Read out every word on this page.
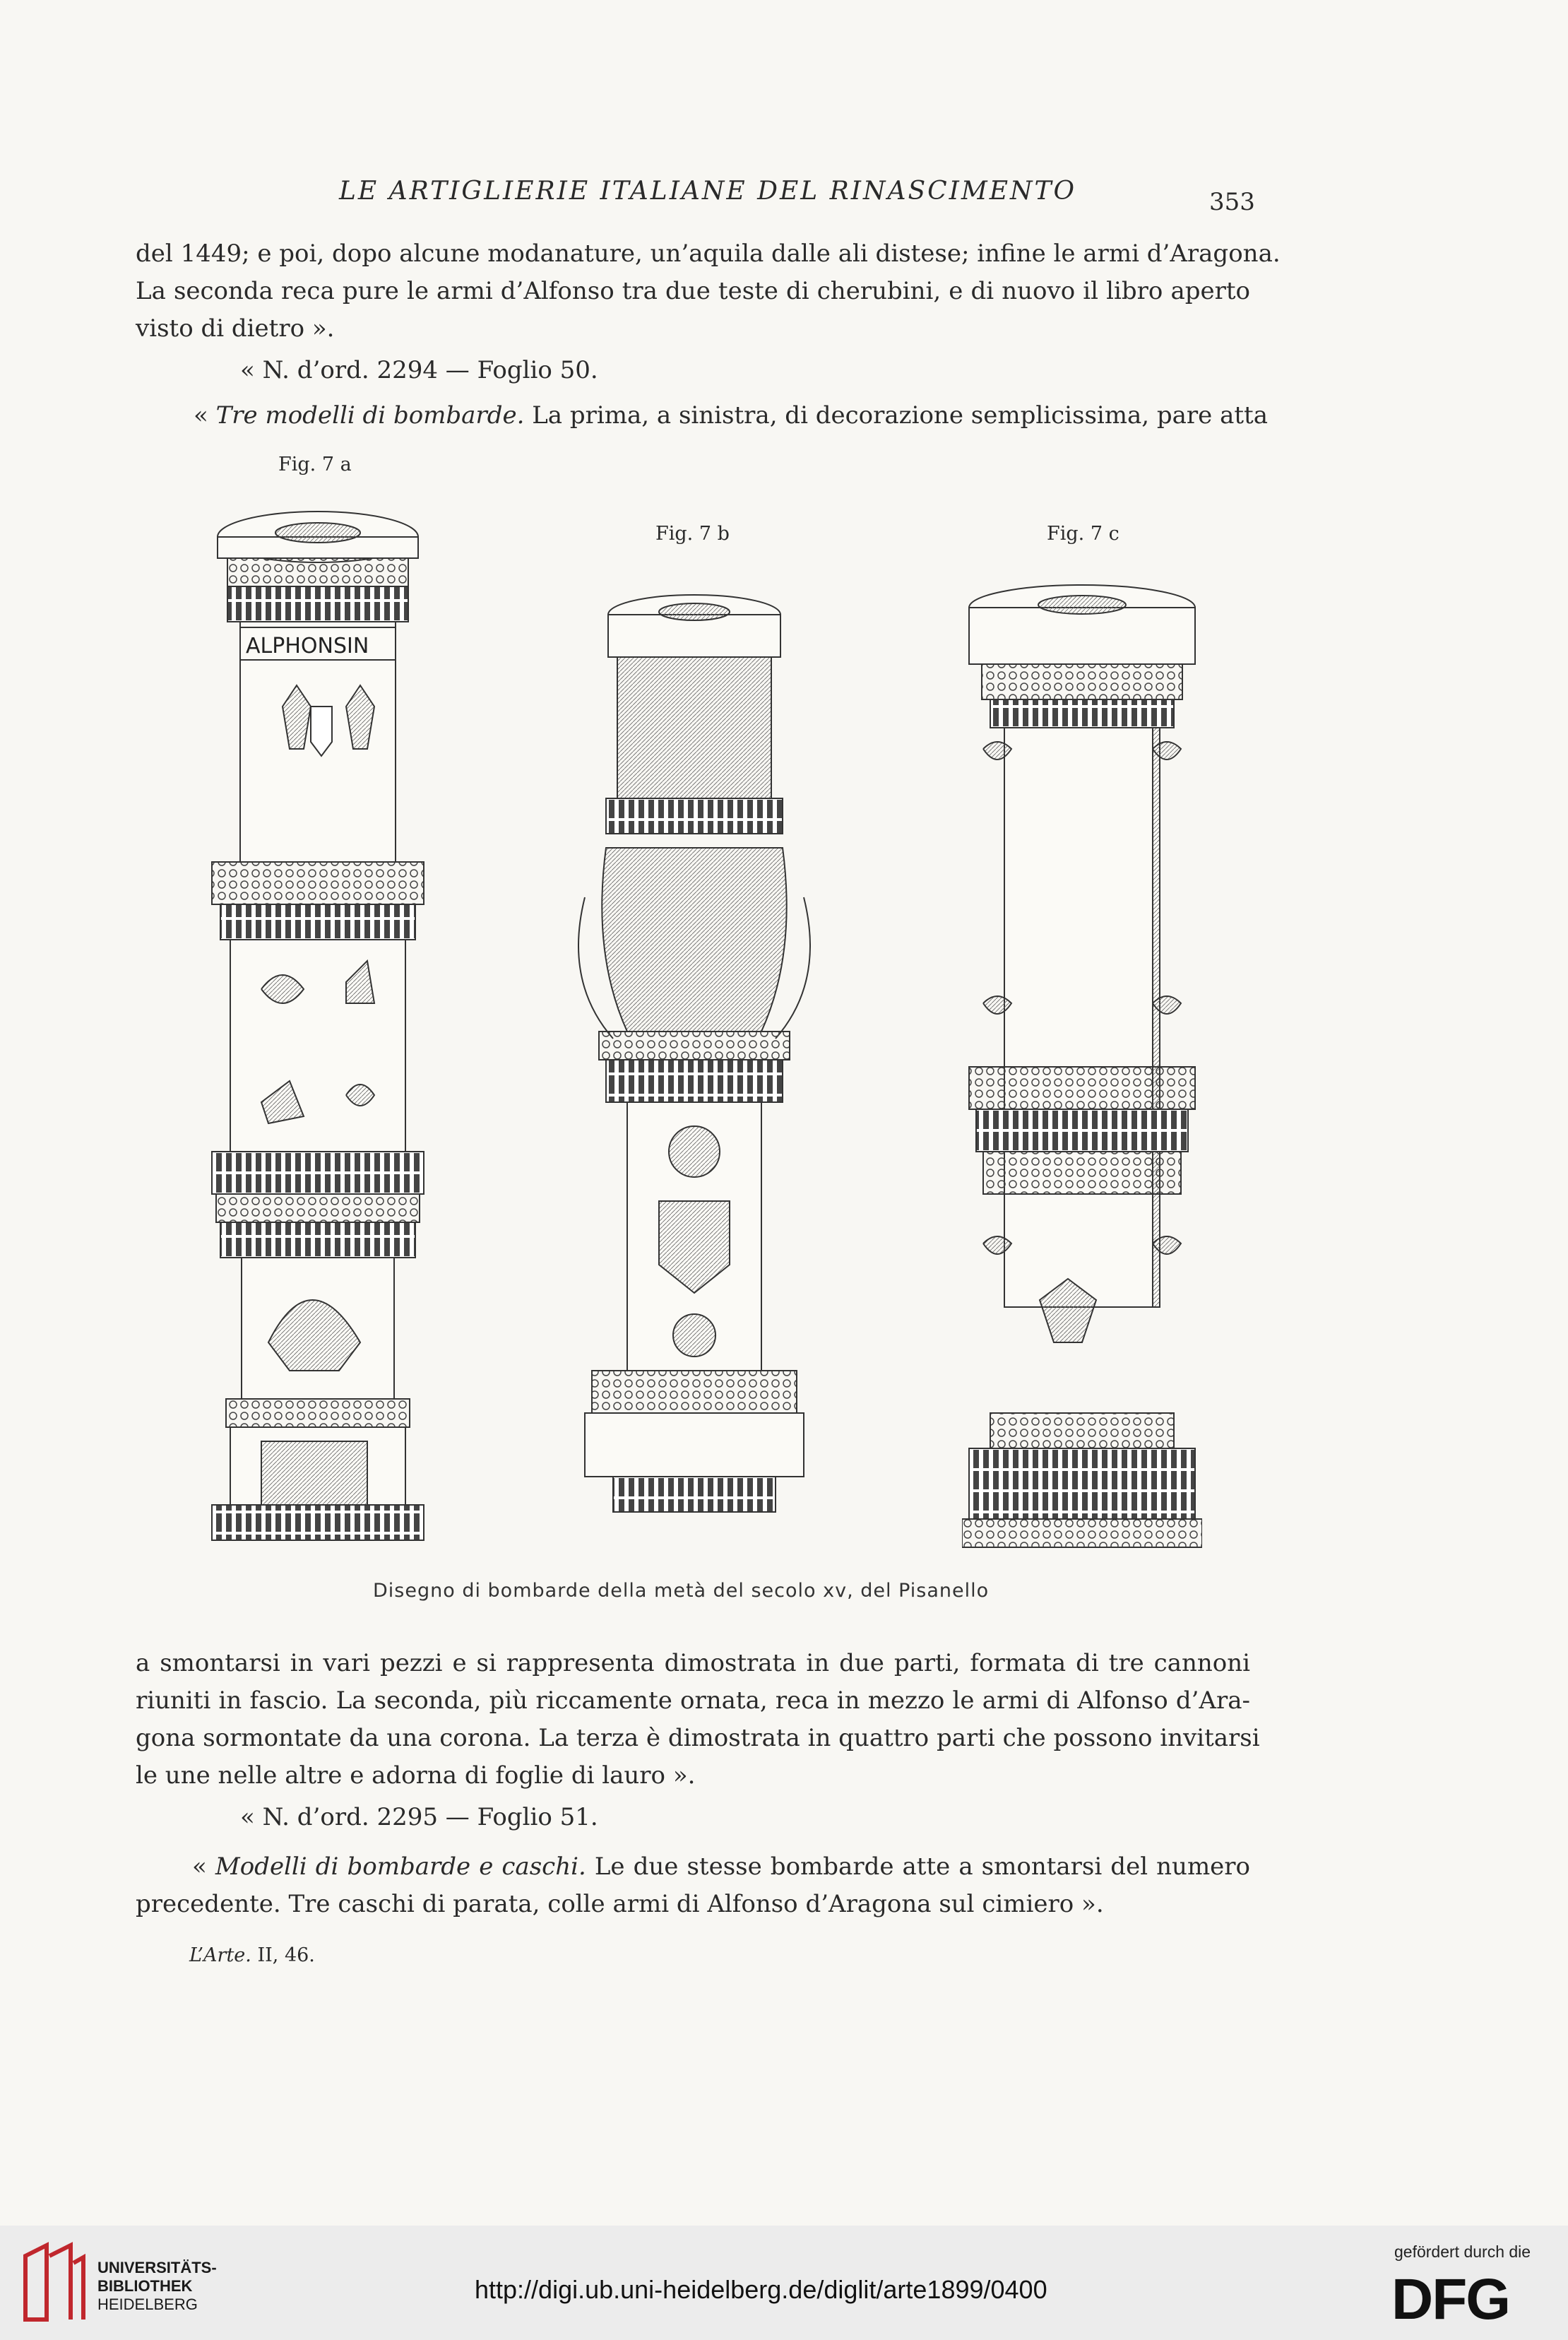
LE ARTIGLIERIE ITALIANE DEL RINASCIMENTO	353

del 1449; e poi, dopo alcune modanature, un’aquila dalle ali distese; infine le armi d’Aragona.
La seconda reca pure le armi d’Alfonso tra due teste di cherubini, e di nuovo il libro aperto
visto di dietro ».

« N. d’ord. 2294 — Foglio 50.

« Tre modelli di bombarde. La prima, a sinistra, di decorazione semplicissima, pare atta

Fig. 7 a

Fig. 7 b	Fig. 7 c

ALPHONSIN

Disegno di bombarde della metà del secolo xv, del Pisanello

a smontarsi in vari pezzi e si rappresenta dimostrata in due parti, formata di tre cannoni
riuniti in fascio. La seconda, più riccamente ornata, reca in mezzo le armi di Alfonso d’Ara-
gona sormontate da una corona. La terza è dimostrata in quattro parti che possono invitarsi
le une nelle altre e adorna di foglie di lauro ».

« N. d’ord. 2295 — Foglio 51.

« Modelli di bombarde e caschi. Le due stesse bombarde atte a smontarsi del numero
precedente. Tre caschi di parata, colle armi di Alfonso d’Aragona sul cimiero ».

L’Arte. II, 46.

UNIVERSITÄTS-
BIBLIOTHEK
HEIDELBERG
http://digi.ub.uni-heidelberg.de/diglit/arte1899/0400
gefördert durch die
DFG
